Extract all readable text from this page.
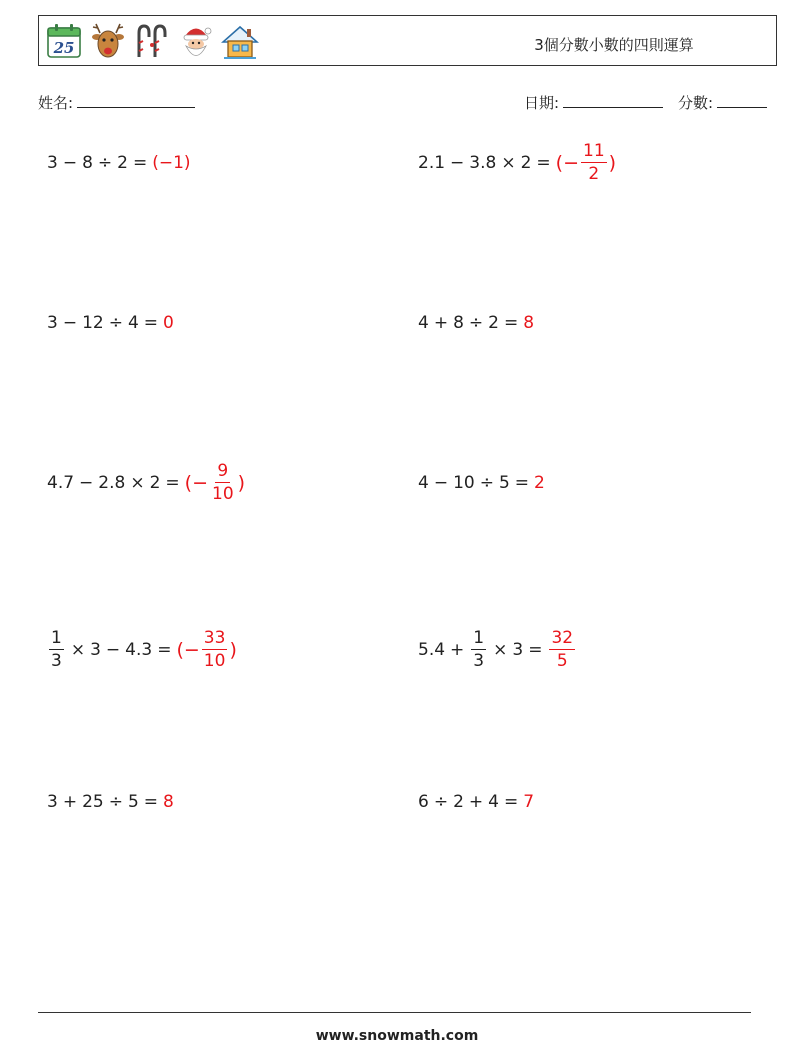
25	3個分數小數的四則運算
姓名:	日期:	分數:
3 − 8 ÷ 2 = (−1)	2.1 − 3.8 × 2 = (− $\frac{11}{2}$ )
3 − 12 ÷ 4 = 0	4 + 8 ÷ 2 = 8
4.7 − 2.8 × 2 = (− $\frac{9}{10}$ )	4 − 10 ÷ 5 = 2
$\frac{1}{3} \times 3 - 4.3$ = (− $\frac{33}{10}$ )	$5.4 + \frac{1}{3} \times 3 = \frac{32}{5}$
3 + 25 ÷ 5 = 8	6 ÷ 2 + 4 = 7
www.snowmath.com
